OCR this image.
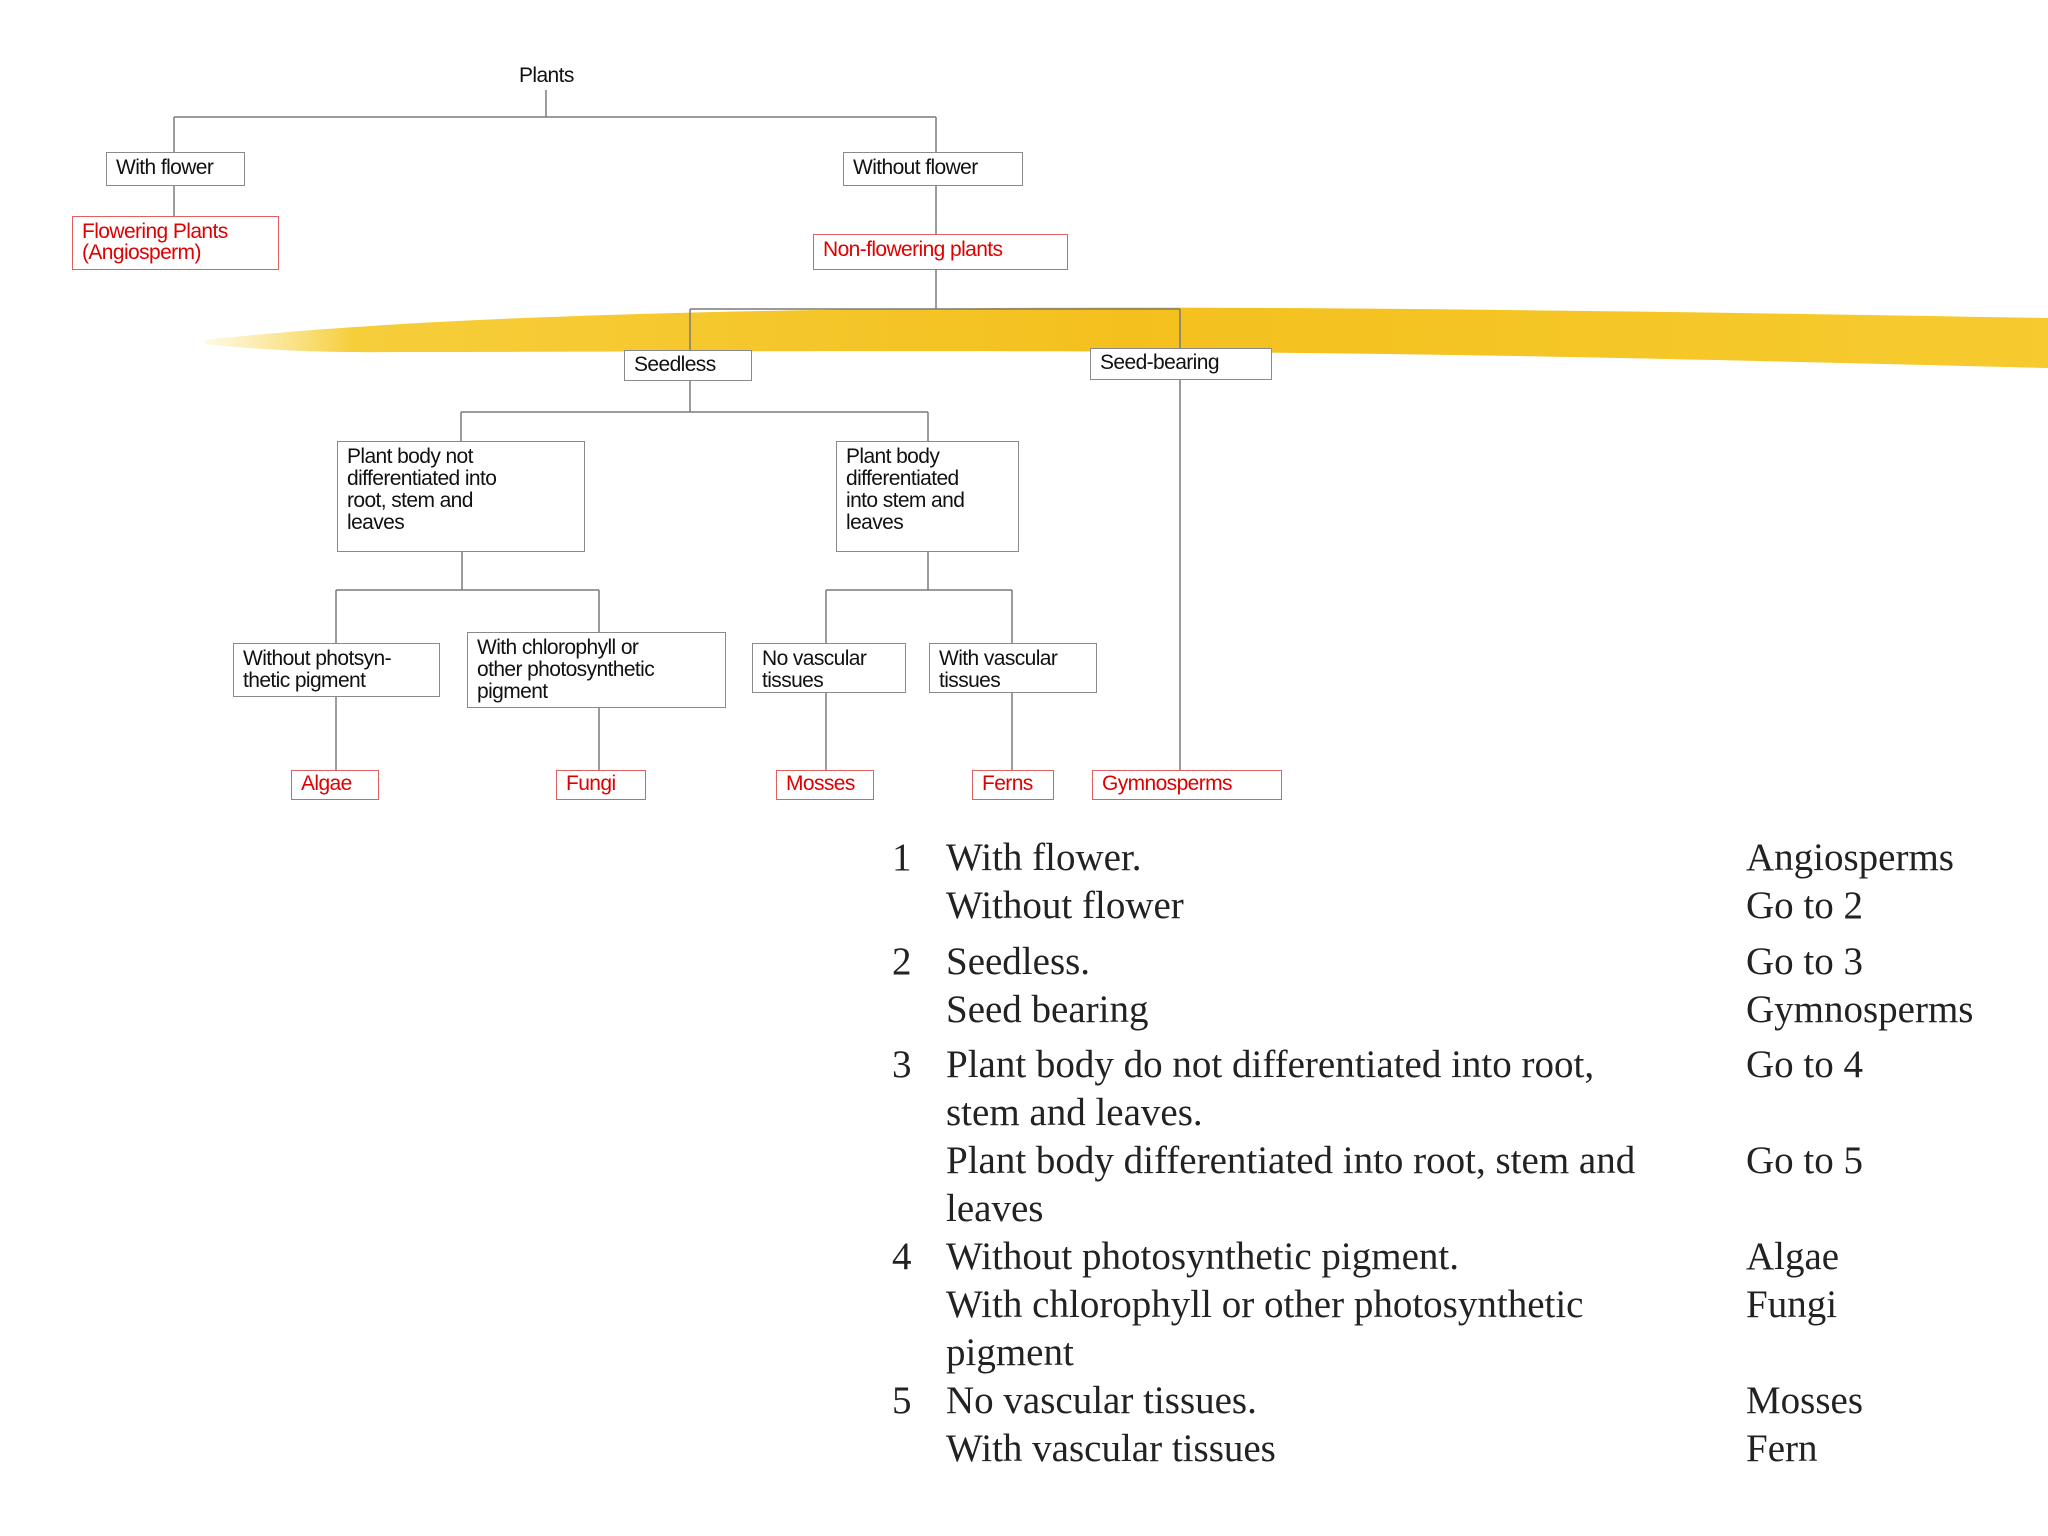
Plants
With flower	Without flower
Flowering Plants
(Angiosperm)	Non-flowering plants
Seedless	Seed-bearing
Plant body not
differentiated into
root, stem and
leaves
Plant body
differentiated
into stem and
leaves
Without photsyn-
thetic pigment
With chlorophyll or
other photosynthetic
pigment
No vascular
tissues
With vascular
tissues
Algae	Fungi	Mosses	Ferns	Gymnosperms
1 With flower.	Angiosperms
Without flower	Go to 2
2 Seedless.	Go to 3
Seed bearing	Gymnosperms
3 Plant body do not differentiated into root,	Go to 4
stem and leaves.
Plant body differentiated into root, stem and	Go to 5
leaves
4 Without photosynthetic pigment.	Algae
With chlorophyll or other photosynthetic	Fungi
pigment
5 No vascular tissues.	Mosses
With vascular tissues	Fern
